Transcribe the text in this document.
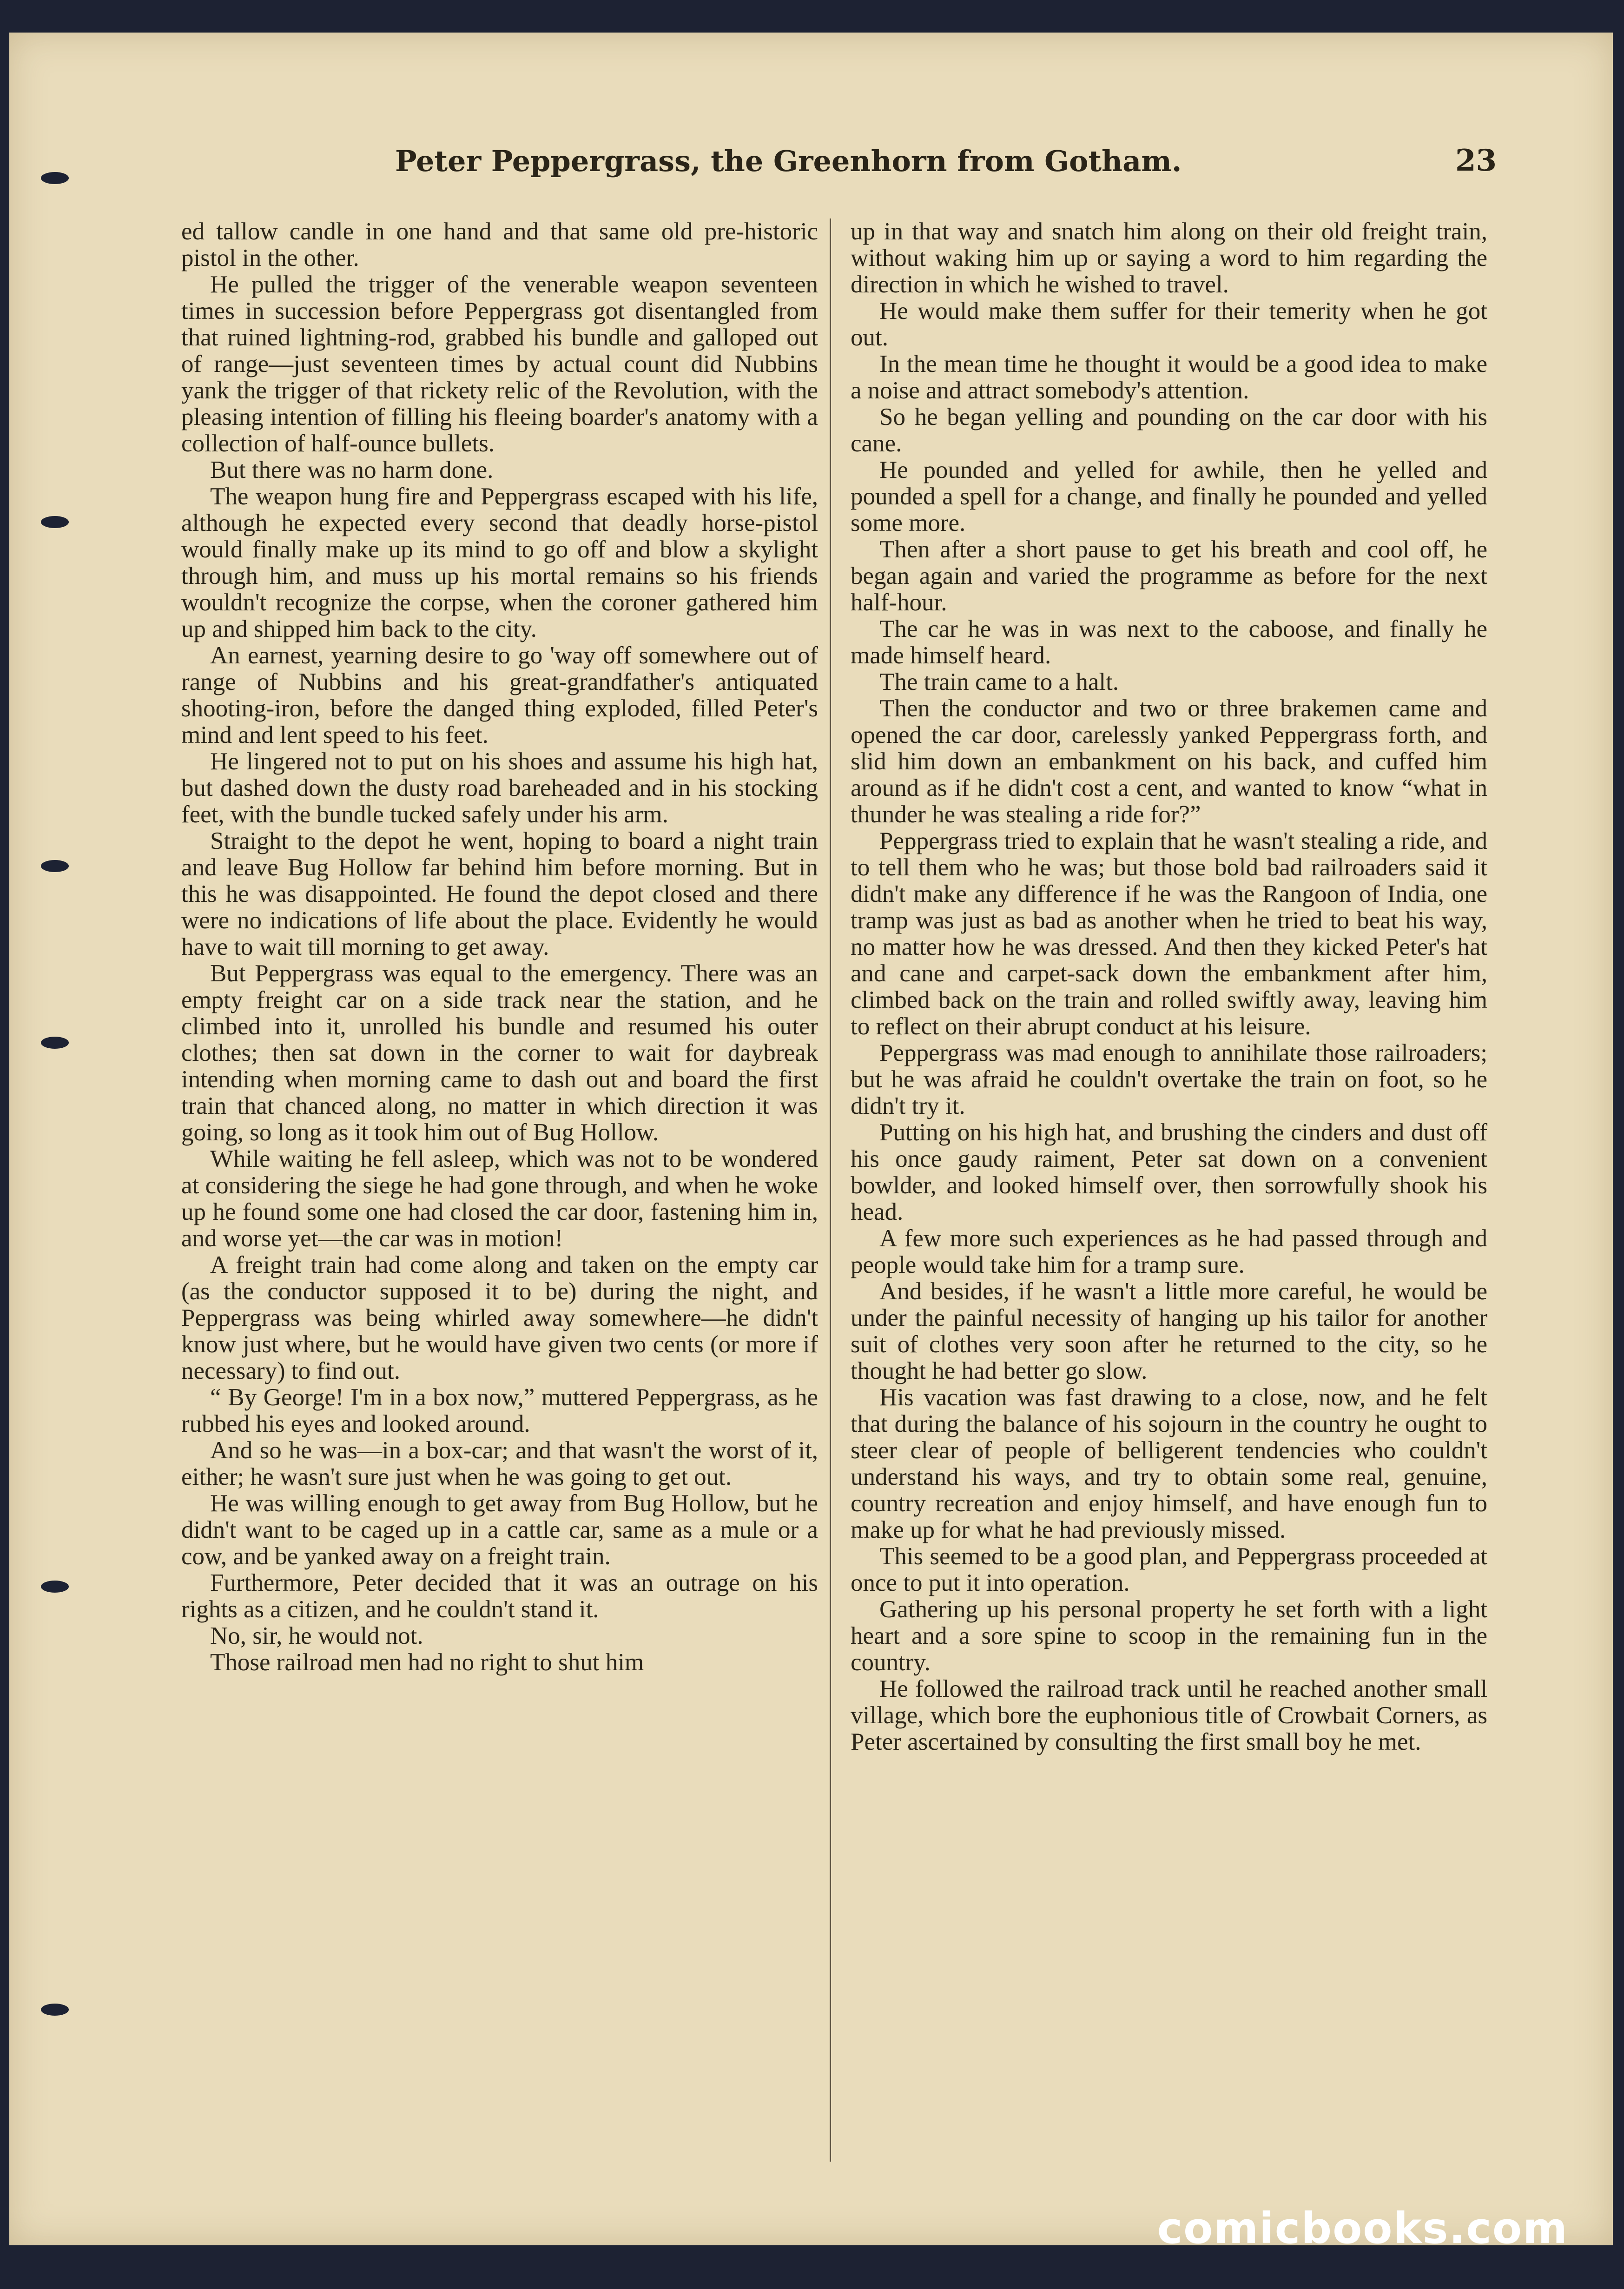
Peter Peppergrass, the Greenhorn from Gotham.	23

ed tallow candle in one hand and that same old pre-historic pistol in the other.

He pulled the trigger of the venerable weapon seventeen times in succession before Peppergrass got disentangled from that ruined lightning-rod, grabbed his bundle and galloped out of range—just seventeen times by actual count did Nubbins yank the trigger of that rickety relic of the Revolution, with the pleasing intention of filling his fleeing boarder's anatomy with a collection of half-ounce bullets.

But there was no harm done.

The weapon hung fire and Peppergrass escaped with his life, although he expected every second that deadly horse-pistol would finally make up its mind to go off and blow a skylight through him, and muss up his mortal remains so his friends wouldn't recognize the corpse, when the coroner gathered him up and shipped him back to the city.

An earnest, yearning desire to go 'way off somewhere out of range of Nubbins and his great-grandfather's antiquated shooting-iron, before the danged thing exploded, filled Peter's mind and lent speed to his feet.

He lingered not to put on his shoes and assume his high hat, but dashed down the dusty road bareheaded and in his stocking feet, with the bundle tucked safely under his arm.

Straight to the depot he went, hoping to board a night train and leave Bug Hollow far behind him before morning. But in this he was disappointed. He found the depot closed and there were no indications of life about the place. Evidently he would have to wait till morning to get away.

But Peppergrass was equal to the emergency. There was an empty freight car on a side track near the station, and he climbed into it, unrolled his bundle and resumed his outer clothes; then sat down in the corner to wait for daybreak intending when morning came to dash out and board the first train that chanced along, no matter in which direction it was going, so long as it took him out of Bug Hollow.

While waiting he fell asleep, which was not to be wondered at considering the siege he had gone through, and when he woke up he found some one had closed the car door, fastening him in, and worse yet—the car was in motion!

A freight train had come along and taken on the empty car (as the conductor supposed it to be) during the night, and Peppergrass was being whirled away somewhere—he didn't know just where, but he would have given two cents (or more if necessary) to find out.

“ By George! I'm in a box now,” muttered Peppergrass, as he rubbed his eyes and looked around.

And so he was—in a box-car; and that wasn't the worst of it, either; he wasn't sure just when he was going to get out.

He was willing enough to get away from Bug Hollow, but he didn't want to be caged up in a cattle car, same as a mule or a cow, and be yanked away on a freight train.

Furthermore, Peter decided that it was an outrage on his rights as a citizen, and he couldn't stand it.

No, sir, he would not.

Those railroad men had no right to shut him

up in that way and snatch him along on their old freight train, without waking him up or saying a word to him regarding the direction in which he wished to travel.

He would make them suffer for their temerity when he got out.

In the mean time he thought it would be a good idea to make a noise and attract somebody's attention.

So he began yelling and pounding on the car door with his cane.

He pounded and yelled for awhile, then he yelled and pounded a spell for a change, and finally he pounded and yelled some more.

Then after a short pause to get his breath and cool off, he began again and varied the programme as before for the next half-hour.

The car he was in was next to the caboose, and finally he made himself heard.

The train came to a halt.

Then the conductor and two or three brakemen came and opened the car door, carelessly yanked Peppergrass forth, and slid him down an embankment on his back, and cuffed him around as if he didn't cost a cent, and wanted to know “what in thunder he was stealing a ride for?”

Peppergrass tried to explain that he wasn't stealing a ride, and to tell them who he was; but those bold bad railroaders said it didn't make any difference if he was the Rangoon of India, one tramp was just as bad as another when he tried to beat his way, no matter how he was dressed. And then they kicked Peter's hat and cane and carpet-sack down the embankment after him, climbed back on the train and rolled swiftly away, leaving him to reflect on their abrupt conduct at his leisure.

Peppergrass was mad enough to annihilate those railroaders; but he was afraid he couldn't overtake the train on foot, so he didn't try it.

Putting on his high hat, and brushing the cinders and dust off his once gaudy raiment, Peter sat down on a convenient bowlder, and looked himself over, then sorrowfully shook his head.

A few more such experiences as he had passed through and people would take him for a tramp sure.

And besides, if he wasn't a little more careful, he would be under the painful necessity of hanging up his tailor for another suit of clothes very soon after he returned to the city, so he thought he had better go slow.

His vacation was fast drawing to a close, now, and he felt that during the balance of his sojourn in the country he ought to steer clear of people of belligerent tendencies who couldn't understand his ways, and try to obtain some real, genuine, country recreation and enjoy himself, and have enough fun to make up for what he had previously missed.

This seemed to be a good plan, and Peppergrass proceeded at once to put it into operation.

Gathering up his personal property he set forth with a light heart and a sore spine to scoop in the remaining fun in the country.

He followed the railroad track until he reached another small village, which bore the euphonious title of Crowbait Corners, as Peter ascertained by consulting the first small boy he met.

comicbooks.com
